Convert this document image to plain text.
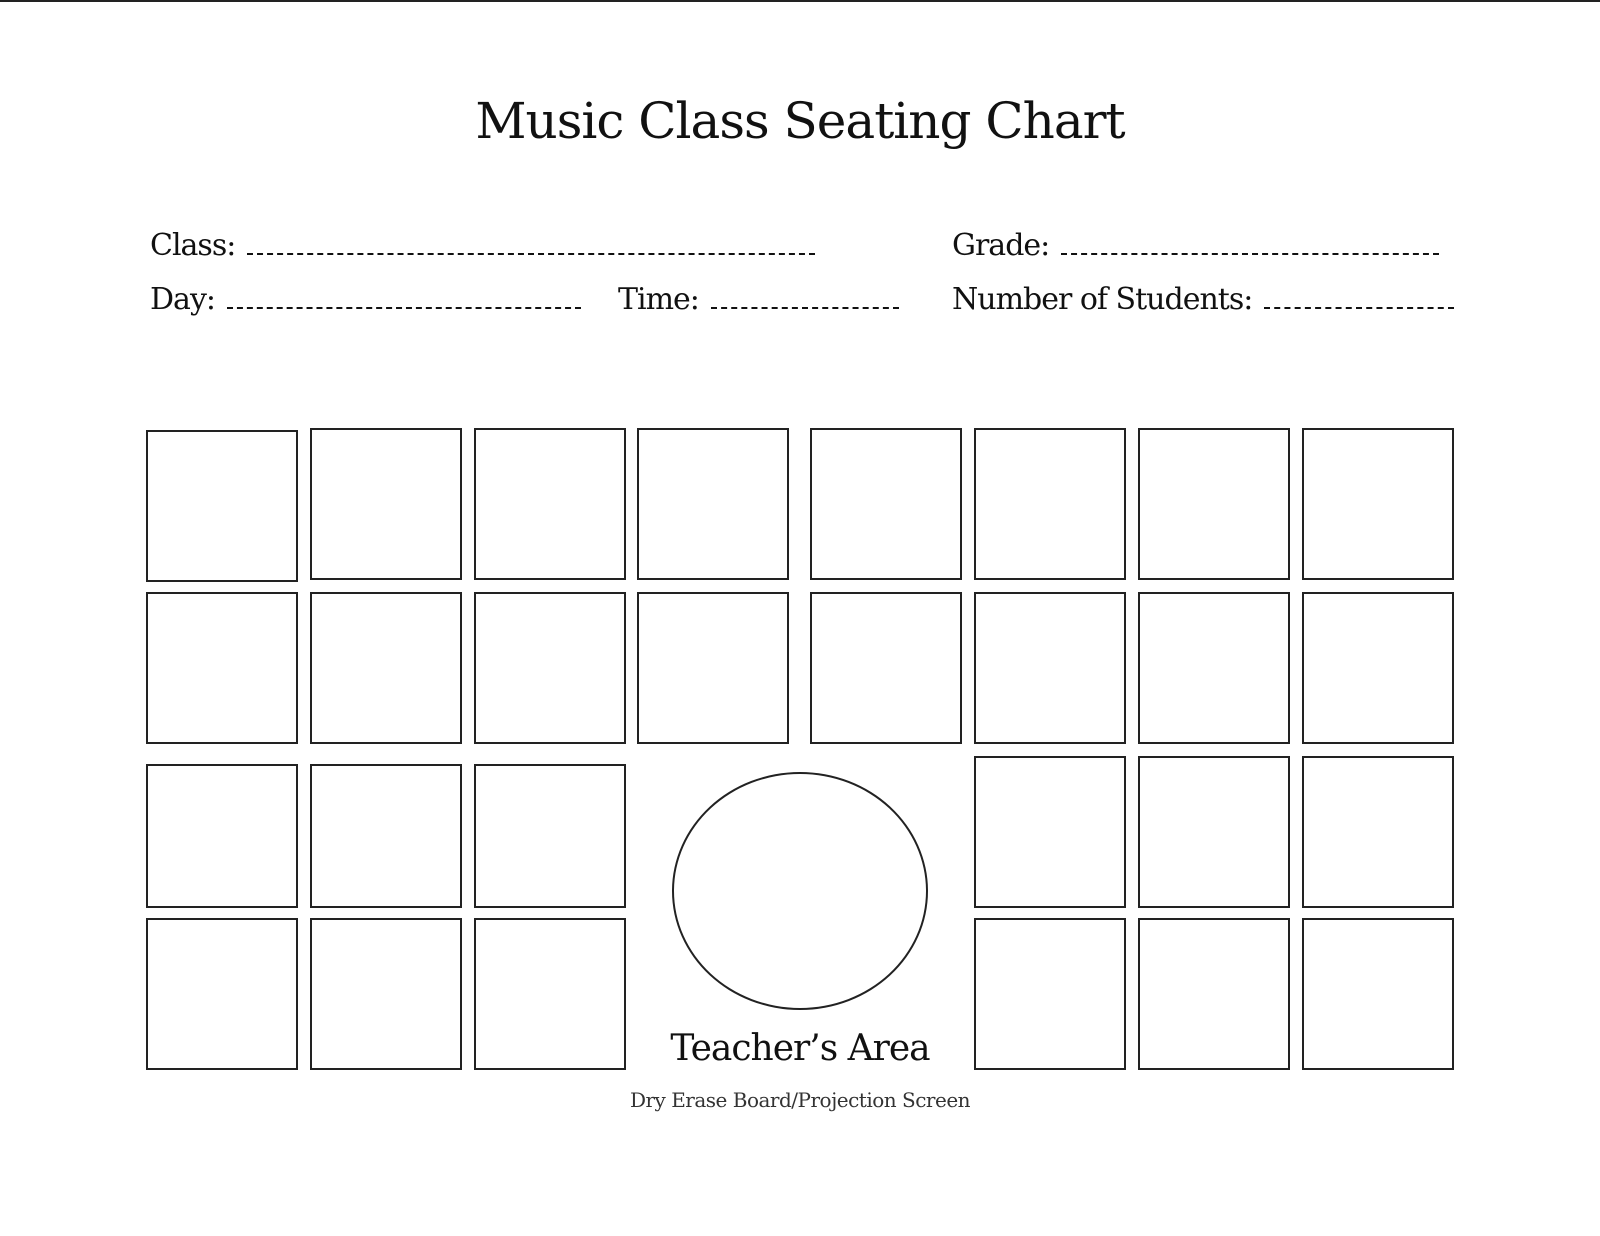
Music Class Seating Chart
Class:	Grade:
Day:	Time:	Number of Students:
Teacher’s Area
Dry Erase Board/Projection Screen
